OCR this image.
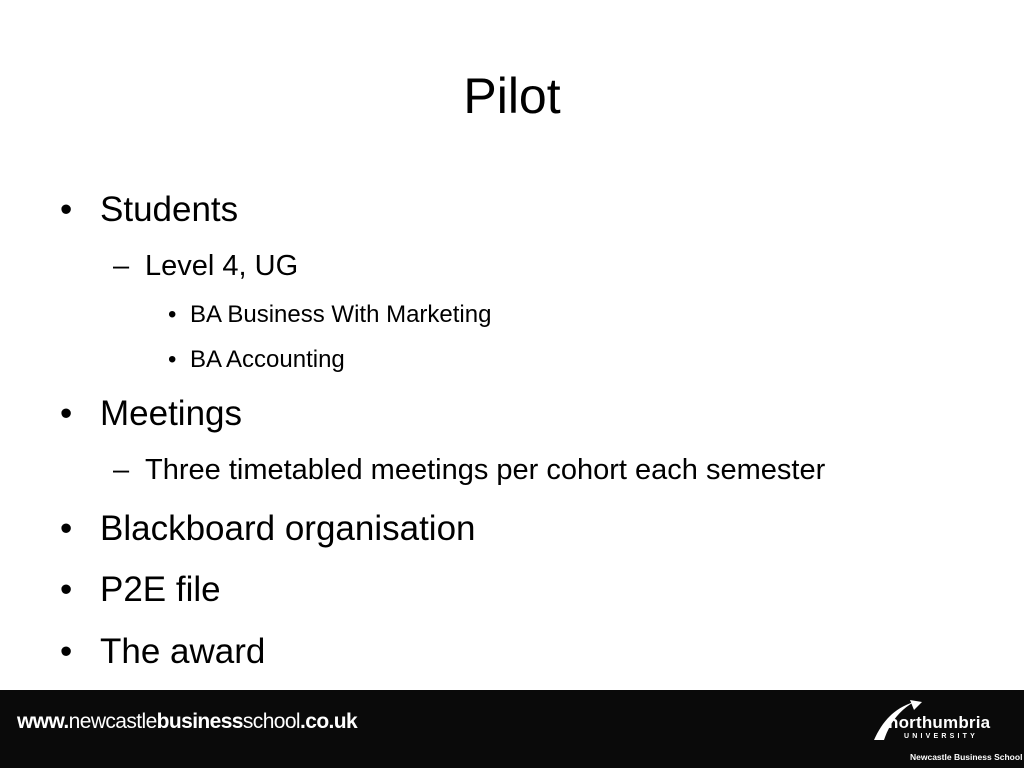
Pilot
• Students
– Level 4, UG
• BA Business With Marketing
• BA Accounting
• Meetings
– Three timetabled meetings per cohort each semester
• Blackboard organisation
• P2E file
• The award
www.newcastlebusinessschool.co.uk	northumbria
UNIVERSITY
Newcastle Business School
